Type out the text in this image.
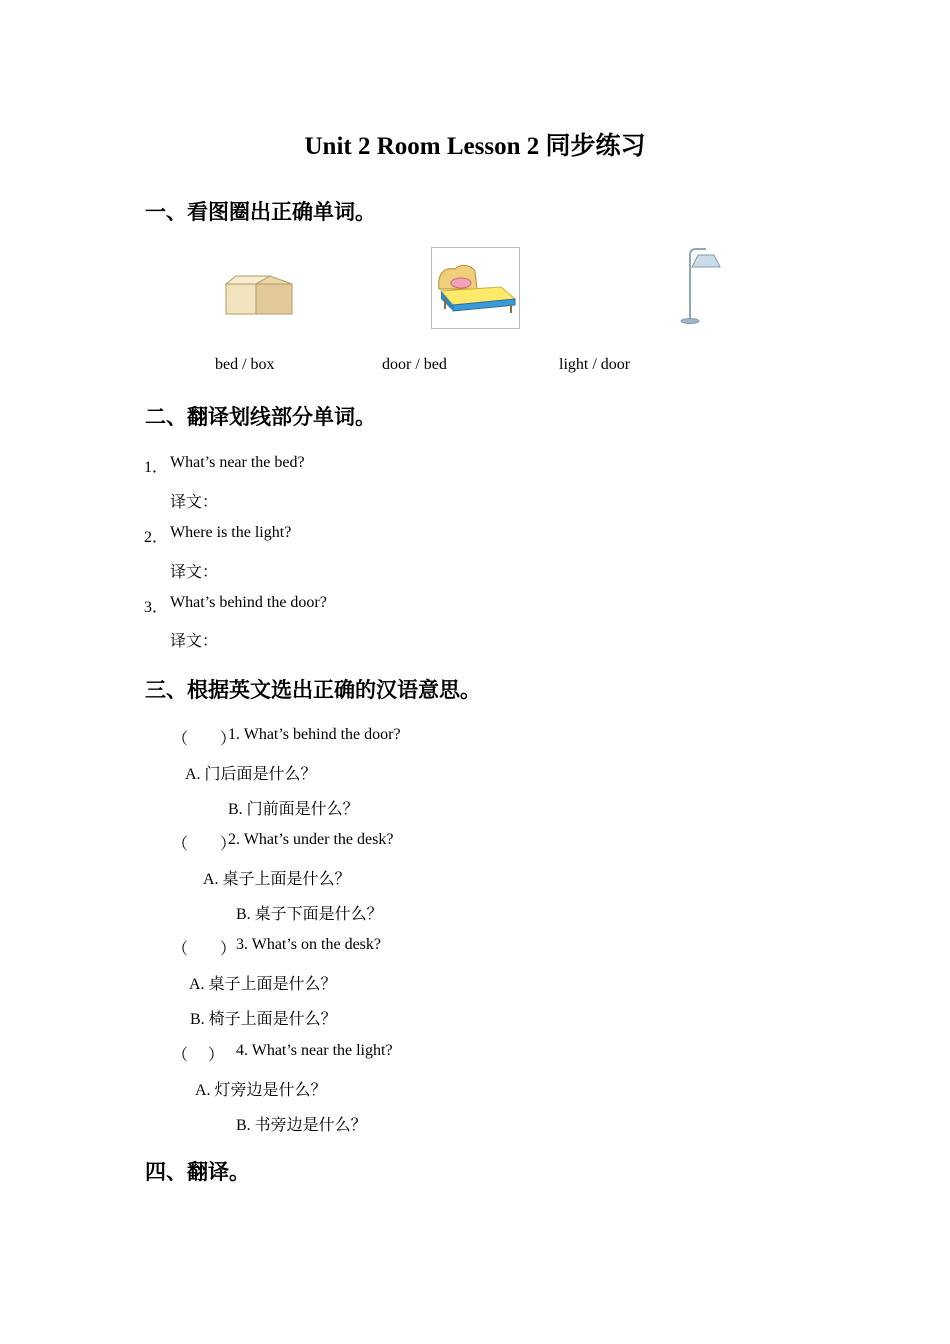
Unit 2 Room Lesson 2 同步练习
一、看图圈出正确单词。
bed / box	door / bed	light / door
二、翻译划线部分单词。
1． What’s near the bed?
译文：
2． Where is the light?
译文：
3． What’s behind the door?
译文：
三、根据英文选出正确的汉语意思。
（　　）
1. What’s behind the door?
A. 门后面是什么？
B. 门前面是什么？
（　　）
2. What’s under the desk?
A. 桌子上面是什么？
B. 桌子下面是什么？
（　　） 3. What’s on the desk?
A. 桌子上面是什么？
B. 椅子上面是什么？
（　 ） 4. What’s near the light?
A. 灯旁边是什么？
B. 书旁边是什么？
四、翻译。
